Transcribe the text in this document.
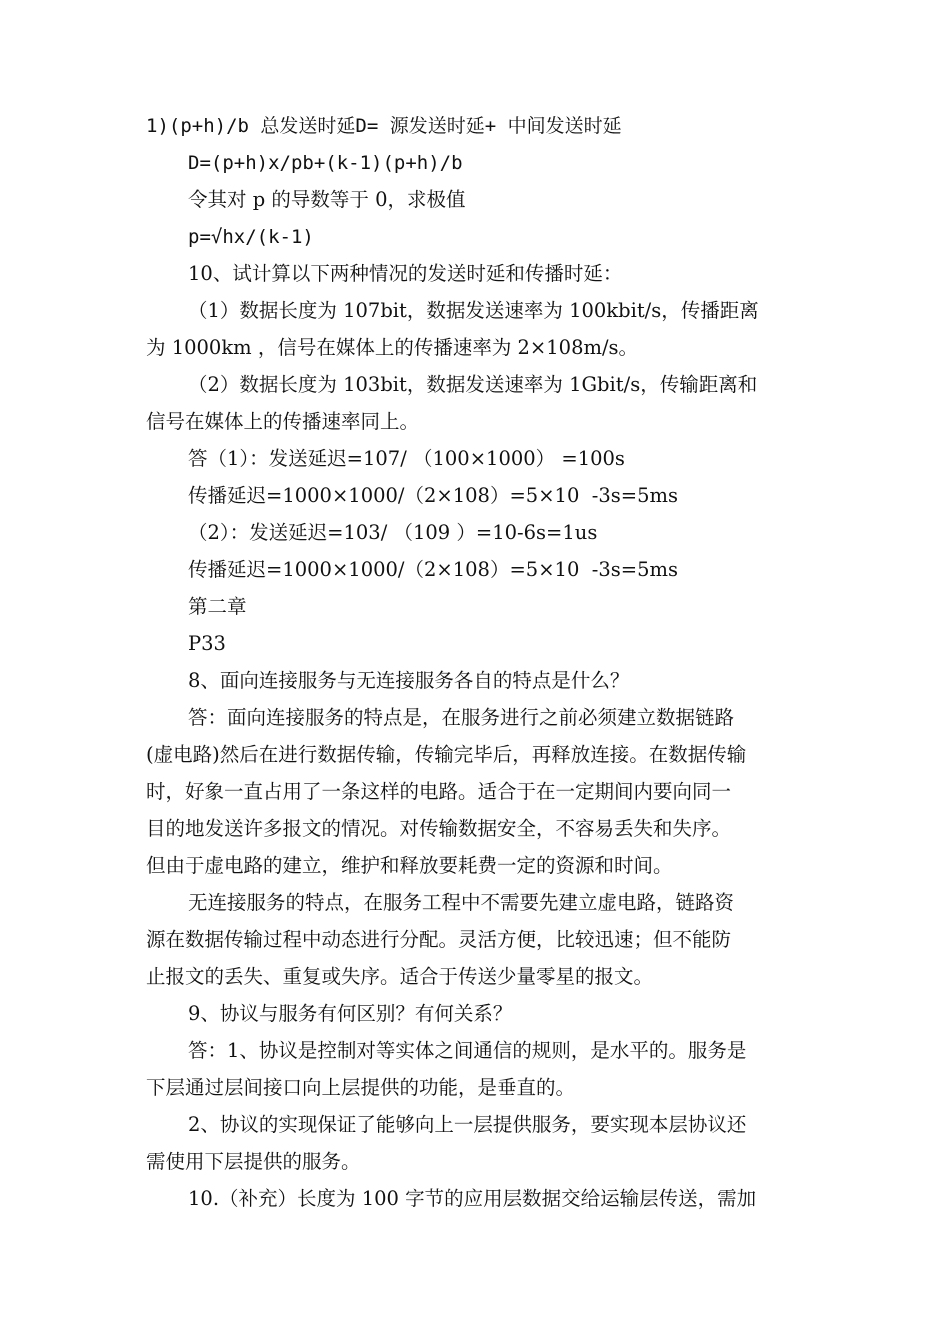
1)(p+h)/b 总发送时延D= 源发送时延+ 中间发送时延
D=(p+h)x/pb+(k-1)(p+h)/b
令其对 p 的导数等于 0，求极值
p=√hx/(k-1)
10、试计算以下两种情况的发送时延和传播时延：
（1）数据长度为 107bit，数据发送速率为 100kbit/s，传播距离
为 1000km ，信号在媒体上的传播速率为 2×108m/s。
（2）数据长度为 103bit，数据发送速率为 1Gbit/s，传输距离和
信号在媒体上的传播速率同上。
答（1）：发送延迟=107/ （100×1000） =100s
传播延迟=1000×1000/（2×108）=5×10  -3s=5ms
（2）：发送延迟=103/ （109 ）=10-6s=1us
传播延迟=1000×1000/（2×108）=5×10  -3s=5ms
第二章
P33
8、面向连接服务与无连接服务各自的特点是什么？
答：面向连接服务的特点是，在服务进行之前必须建立数据链路
(虚电路)然后在进行数据传输，传输完毕后，再释放连接。在数据传输
时，好象一直占用了一条这样的电路。适合于在一定期间内要向同一
目的地发送许多报文的情况。对传输数据安全，不容易丢失和失序。
但由于虚电路的建立，维护和释放要耗费一定的资源和时间。
无连接服务的特点，在服务工程中不需要先建立虚电路，链路资
源在数据传输过程中动态进行分配。灵活方便，比较迅速；但不能防
止报文的丢失、重复或失序。适合于传送少量零星的报文。
9、协议与服务有何区别？有何关系？
答：1、协议是控制对等实体之间通信的规则，是水平的。服务是
下层通过层间接口向上层提供的功能，是垂直的。
2、协议的实现保证了能够向上一层提供服务，要实现本层协议还
需使用下层提供的服务。
10.（补充）长度为 100 字节的应用层数据交给运输层传送，需加
